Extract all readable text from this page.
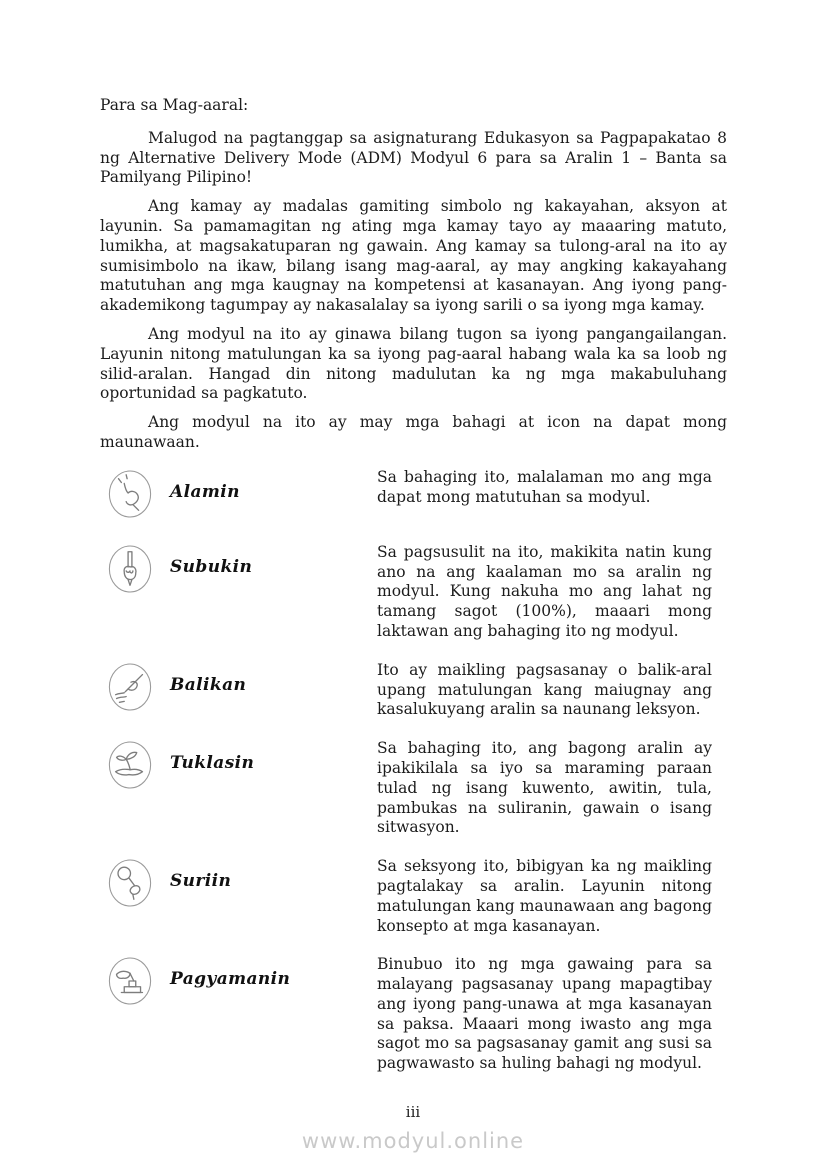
Para sa Mag-aaral:

Malugod na pagtanggap sa asignaturang Edukasyon sa Pagpapakatao 8 ng Alternative Delivery Mode (ADM) Modyul 6 para sa Aralin 1 – Banta sa Pamilyang Pilipino!

Ang kamay ay madalas gamiting simbolo ng kakayahan, aksyon at layunin. Sa pamamagitan ng ating mga kamay tayo ay maaaring matuto, lumikha, at magsakatuparan ng gawain. Ang kamay sa tulong-aral na ito ay sumisimbolo na ikaw, bilang isang mag-aaral, ay may angking kakayahang matutuhan ang mga kaugnay na kompetensi at kasanayan. Ang iyong pang-akademikong tagumpay ay nakasalalay sa iyong sarili o sa iyong mga kamay.

Ang modyul na ito ay ginawa bilang tugon sa iyong pangangailangan. Layunin nitong matulungan ka sa iyong pag-aaral habang wala ka sa loob ng silid-aralan. Hangad din nitong madulutan ka ng mga makabuluhang oportunidad sa pagkatuto.

Ang modyul na ito ay may mga bahagi at icon na dapat mong maunawaan.

Alamin
Sa bahaging ito, malalaman mo ang mga dapat mong matutuhan sa modyul.
Subukin
Sa pagsusulit na ito, makikita natin kung ano na ang kaalaman mo sa aralin ng modyul. Kung nakuha mo ang lahat ng tamang sagot (100%), maaari mong laktawan ang bahaging ito ng modyul.
Balikan
Ito ay maikling pagsasanay o balik-aral upang matulungan kang maiugnay ang kasalukuyang aralin sa naunang leksyon.
Tuklasin
Sa bahaging ito, ang bagong aralin ay ipakikilala sa iyo sa maraming paraan tulad ng isang kuwento, awitin, tula, pambukas na suliranin, gawain o isang sitwasyon.
Suriin
Sa seksyong ito, bibigyan ka ng maikling pagtalakay sa aralin. Layunin nitong matulungan kang maunawaan ang bagong konsepto at mga kasanayan.
Pagyamanin
Binubuo ito ng mga gawaing para sa malayang pagsasanay upang mapagtibay ang iyong pang-unawa at mga kasanayan sa paksa. Maaari mong iwasto ang mga sagot mo sa pagsasanay gamit ang susi sa pagwawasto sa huling bahagi ng modyul.
iii
www.modyul.online
